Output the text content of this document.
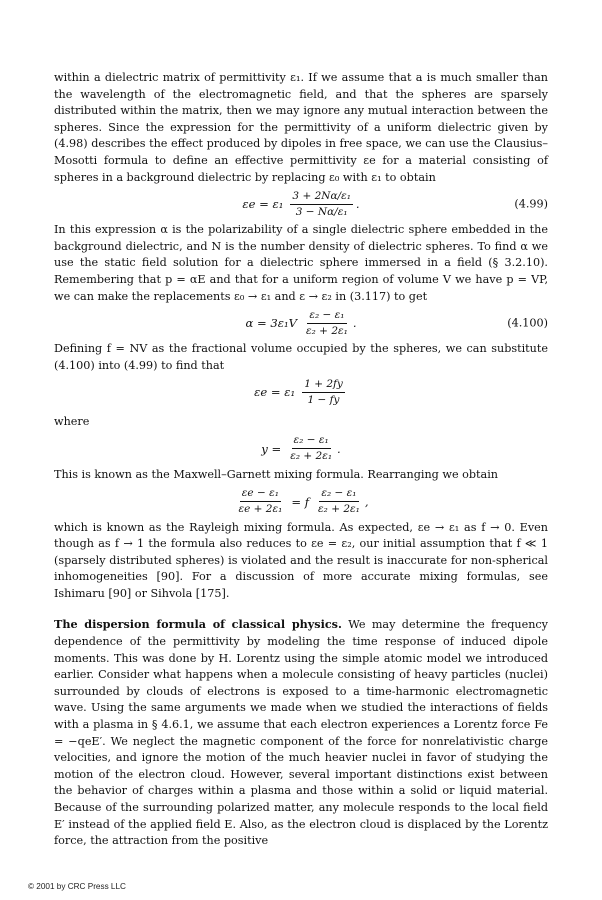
within a dielectric matrix of permittivity ε₁. If we assume that a is much smaller than the wavelength of the electromagnetic field, and that the spheres are sparsely distributed within the matrix, then we may ignore any mutual interaction between the spheres. Since the expression for the permittivity of a uniform dielectric given by (4.98) describes the effect produced by dipoles in free space, we can use the Clausius–Mosotti formula to define an effective permittivity εe for a material consisting of spheres in a background dielectric by replacing ε₀ with ε₁ to obtain

$\varepsilon e = \varepsilon_1 \frac{\text{3 + 2Nα/ε₁}}{\text{3 − Nα/ε₁}}$ .	(4.99)

In this expression α is the polarizability of a single dielectric sphere embedded in the background dielectric, and N is the number density of dielectric spheres. To find α we use the static field solution for a dielectric sphere immersed in a field (§ 3.2.10). Remembering that p = αE and that for a uniform region of volume V we have p = VP, we can make the replacements ε₀ → ε₁ and ε → ε₂ in (3.117) to get

$\alpha = 3\varepsilon_1V \frac{\text{ε₂ − ε₁}}{\text{ε₂ + 2ε₁}}$ .	(4.100)

Defining f = NV as the fractional volume occupied by the spheres, we can substitute (4.100) into (4.99) to find that

$\varepsilon e = \varepsilon_1 \frac{1 + 2fy}{1 - fy}$

where

$y = \frac{\text{ε₂ − ε₁}}{\text{ε₂ + 2ε₁}}$ .

This is known as the Maxwell–Garnett mixing formula. Rearranging we obtain

$\frac{\text{εe − ε₁}}{\text{εe + 2ε₁}} = f \frac{\text{ε₂ − ε₁}}{\text{ε₂ + 2ε₁}}$ ,

which is known as the Rayleigh mixing formula. As expected, εe → ε₁ as f → 0. Even though as f → 1 the formula also reduces to εe = ε₂, our initial assumption that f ≪ 1 (sparsely distributed spheres) is violated and the result is inaccurate for non-spherical inhomogeneities [90]. For a discussion of more accurate mixing formulas, see Ishimaru [90] or Sihvola [175].

The dispersion formula of classical physics. We may determine the frequency dependence of the permittivity by modeling the time response of induced dipole moments. This was done by H. Lorentz using the simple atomic model we introduced earlier. Consider what happens when a molecule consisting of heavy particles (nuclei) surrounded by clouds of electrons is exposed to a time-harmonic electromagnetic wave. Using the same arguments we made when we studied the interactions of fields with a plasma in § 4.6.1, we assume that each electron experiences a Lorentz force Fe = −qeE′. We neglect the magnetic component of the force for nonrelativistic charge velocities, and ignore the motion of the much heavier nuclei in favor of studying the motion of the electron cloud. However, several important distinctions exist between the behavior of charges within a plasma and those within a solid or liquid material. Because of the surrounding polarized matter, any molecule responds to the local field E′ instead of the applied field E. Also, as the electron cloud is displaced by the Lorentz force, the attraction from the positive

© 2001 by CRC Press LLC
